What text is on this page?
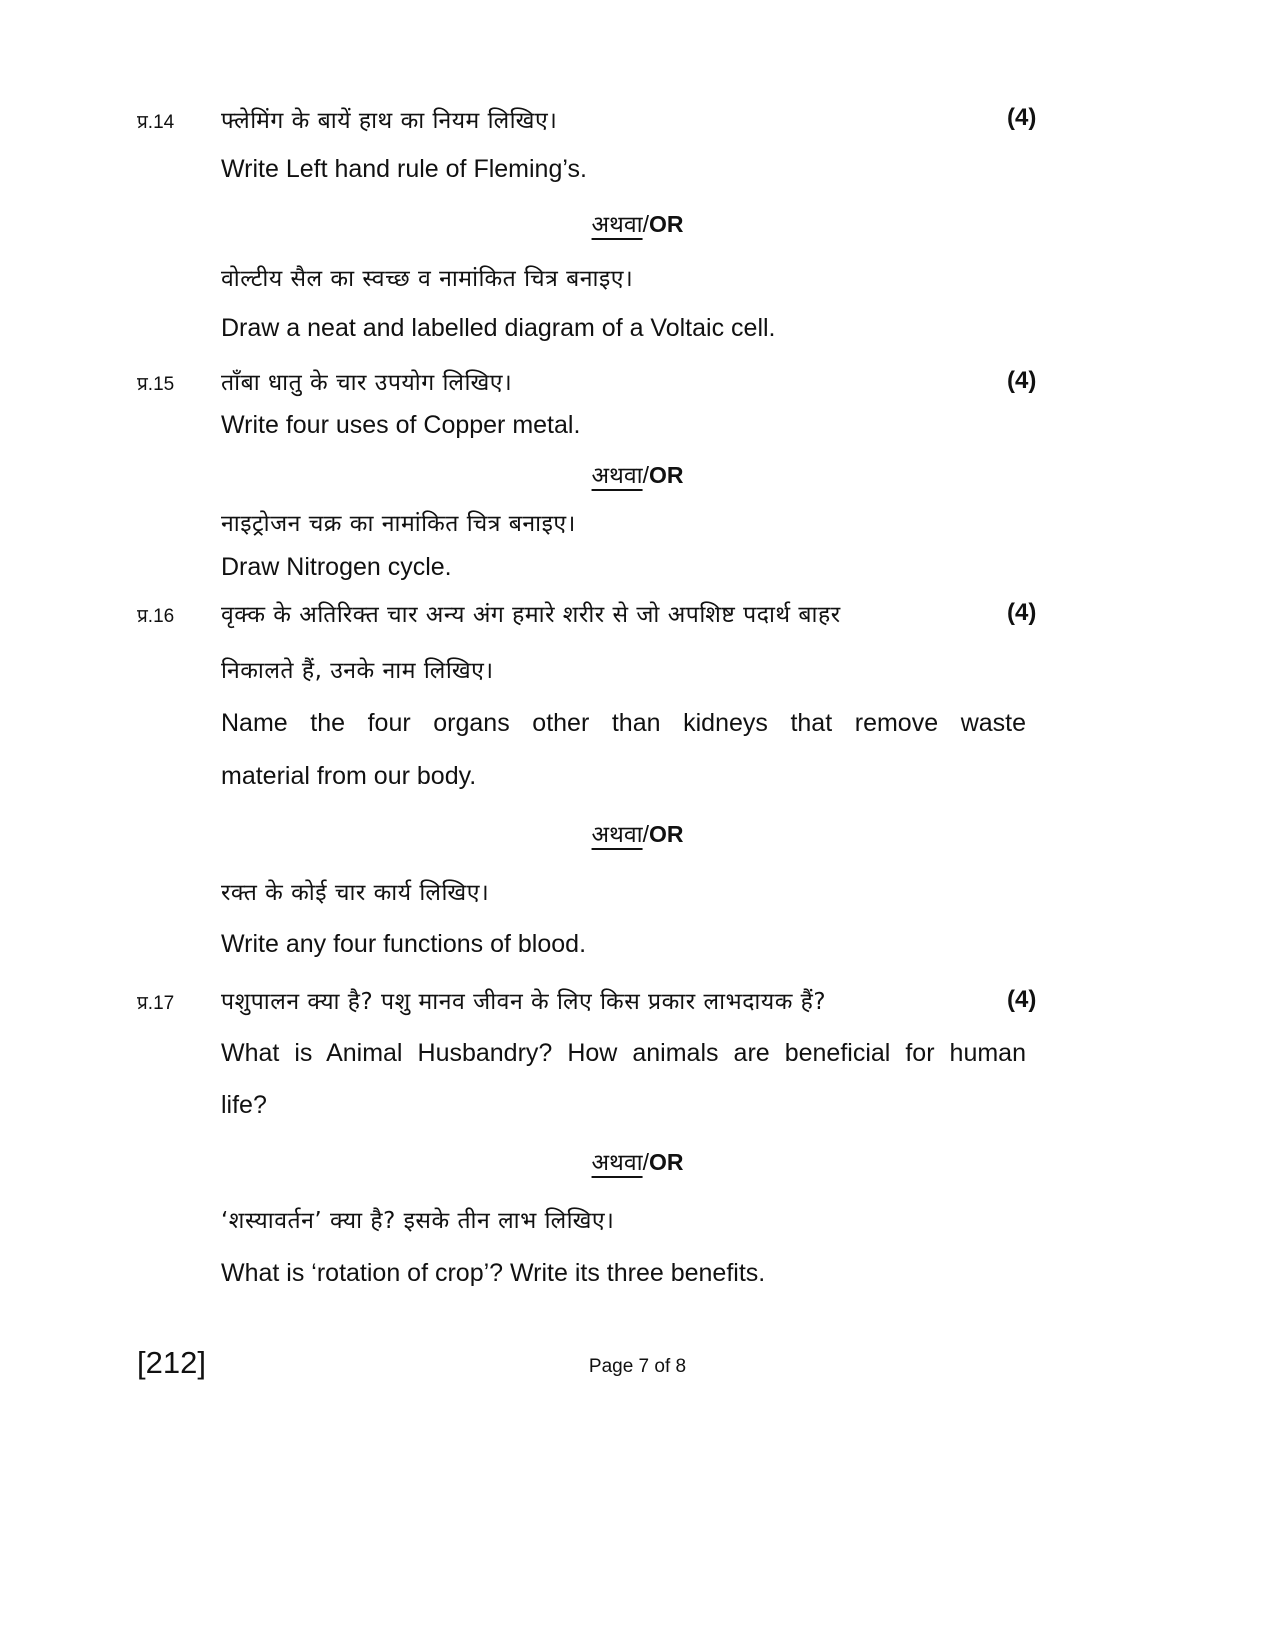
प्र.14 फ्लेमिंग के बायें हाथ का नियम लिखिए।	(4)
Write Left hand rule of Fleming’s.
अथवा/OR
वोल्टीय सैल का स्वच्छ व नामांकित चित्र बनाइए।
Draw a neat and labelled diagram of a Voltaic cell.
प्र.15 ताँबा धातु के चार उपयोग लिखिए।	(4)
Write four uses of Copper metal.
अथवा/OR
नाइट्रोजन चक्र का नामांकित चित्र बनाइए।
Draw Nitrogen cycle.
प्र.16 वृक्क के अतिरिक्त चार अन्य अंग हमारे शरीर से जो अपशिष्ट पदार्थ बाहर	(4)
निकालते हैं, उनके नाम लिखिए।
Name the four organs other than kidneys that remove waste
material from our body.
अथवा/OR
रक्त के कोई चार कार्य लिखिए।
Write any four functions of blood.
प्र.17 पशुपालन क्या है? पशु मानव जीवन के लिए किस प्रकार लाभदायक हैं?	(4)
What is Animal Husbandry? How animals are beneficial for human
life?
अथवा/OR
‘शस्यावर्तन’ क्या है? इसके तीन लाभ लिखिए।
What is ‘rotation of crop’? Write its three benefits.
[212]	Page 7 of 8
